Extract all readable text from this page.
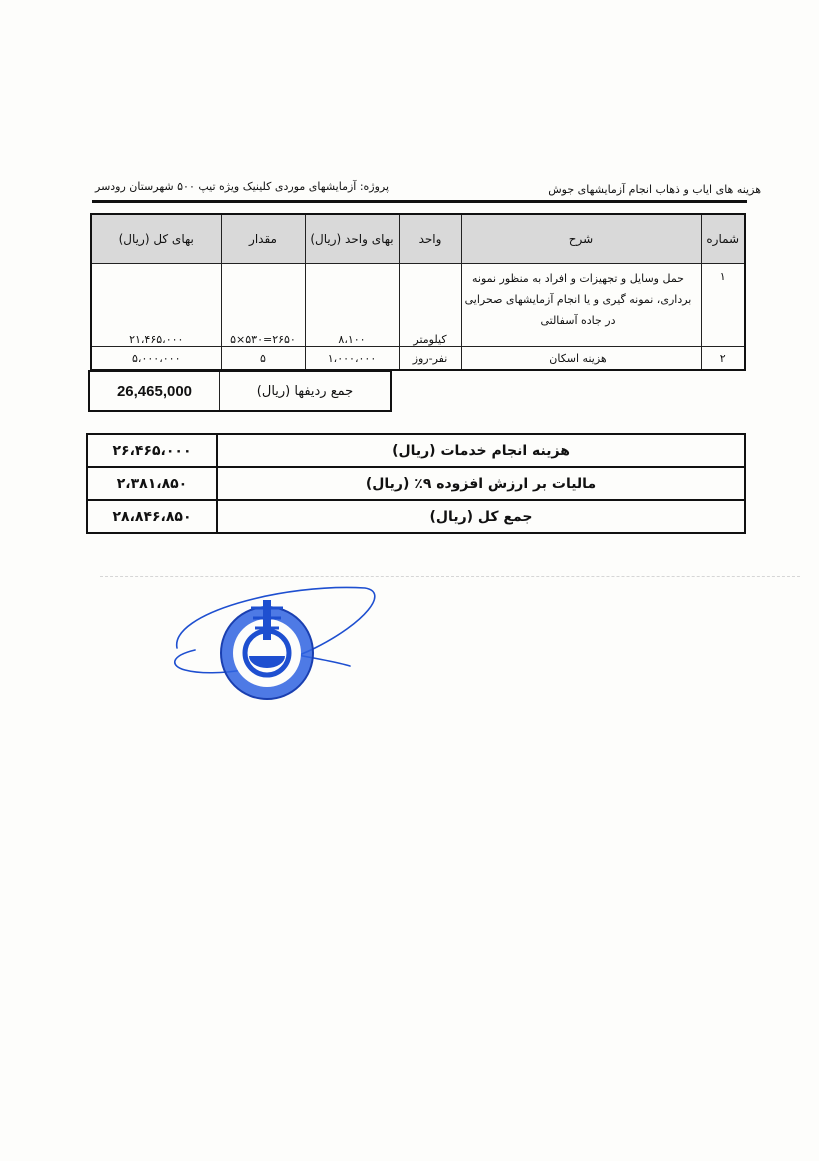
هزینه های ایاب و ذهاب انجام آزمایشهای جوش
پروژه: آزمایشهای موردی کلینیک ویژه تیپ ۵۰۰ شهرستان رودسر
شماره	شرح	واحد	بهای واحد (ریال)	مقدار	بهای کل (ریال)
۱	حمل وسایل و تجهیزات و افراد به منظور نمونه برداری، نمونه گیری و یا انجام آزمایشهای صحرایی در جاده آسفالتی	کیلومتر	۸،۱۰۰	۵×۵۳۰=۲۶۵۰	۲۱،۴۶۵،۰۰۰
۲	هزینه اسکان	نفر-روز	۱،۰۰۰،۰۰۰	۵	۵،۰۰۰،۰۰۰
جمع ردیفها (ریال)	26,465,000
هزینه انجام خدمات (ریال)	۲۶،۴۶۵،۰۰۰
مالیات بر ارزش افزوده ۹٪ (ریال)	۲،۳۸۱،۸۵۰
جمع کل (ریال)	۲۸،۸۴۶،۸۵۰
